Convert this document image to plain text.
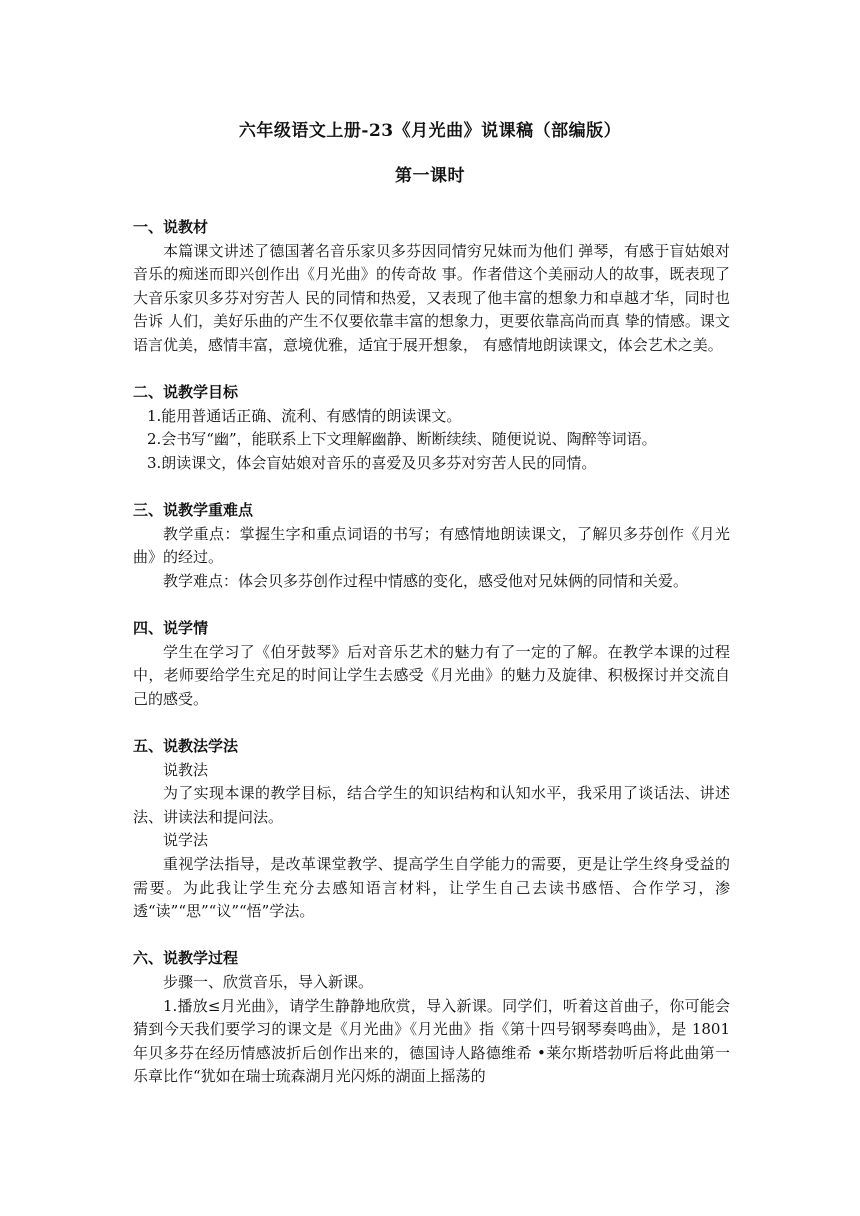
六年级语文上册-23《月光曲》说课稿（部编版）
第一课时

一、说教材

本篇课文讲述了德国著名音乐家贝多芬因同情穷兄妹而为他们 弹琴，有感于盲姑娘对音乐的痴迷而即兴创作出《月光曲》的传奇故 事。作者借这个美丽动人的故事，既表现了大音乐家贝多芬对穷苦人 民的同情和热爱，又表现了他丰富的想象力和卓越才华，同时也告诉 人们，美好乐曲的产生不仅要依靠丰富的想象力，更要依靠高尚而真 挚的情感。课文语言优美，感情丰富，意境优雅，适宜于展开想象， 有感情地朗读课文，体会艺术之美。

二、说教学目标

1.能用普通话正确、流利、有感情的朗读课文。
2.会书写“幽”，能联系上下文理解幽静、断断续续、随便说说、陶醉等词语。
3.朗读课文，体会盲姑娘对音乐的喜爱及贝多芬对穷苦人民的同情。

三、说教学重难点

教学重点：掌握生字和重点词语的书写；有感情地朗读课文，了解贝多芬创作《月光曲》的经过。

教学难点：体会贝多芬创作过程中情感的变化，感受他对兄妹俩的同情和关爱。

四、说学情

学生在学习了《伯牙鼓琴》后对音乐艺术的魅力有了一定的了解。在教学本课的过程中，老师要给学生充足的时间让学生去感受《月光曲》的魅力及旋律、积极探讨并交流自己的感受。

五、说教法学法

说教法

为了实现本课的教学目标，结合学生的知识结构和认知水平，我采用了谈话法、讲述法、讲读法和提问法。

说学法

重视学法指导，是改革课堂教学、提高学生自学能力的需要，更是让学生终身受益的需要。为此我让学生充分去感知语言材料，让学生自己去读书感悟、合作学习，渗透“读”“思”“议”“悟”学法。

六、说教学过程

步骤一、欣赏音乐，导入新课。

1.播放≤月光曲》，请学生静静地欣赏，导入新课。同学们，听着这首曲子，你可能会猜到今天我们要学习的课文是《月光曲》《月光曲》指《第十四号钢琴奏鸣曲》，是 1801 年贝多芬在经历情感波折后创作出来的，德国诗人路德维希 •莱尔斯塔勃听后将此曲第一乐章比作“犹如在瑞士琉森湖月光闪烁的湖面上摇荡的
